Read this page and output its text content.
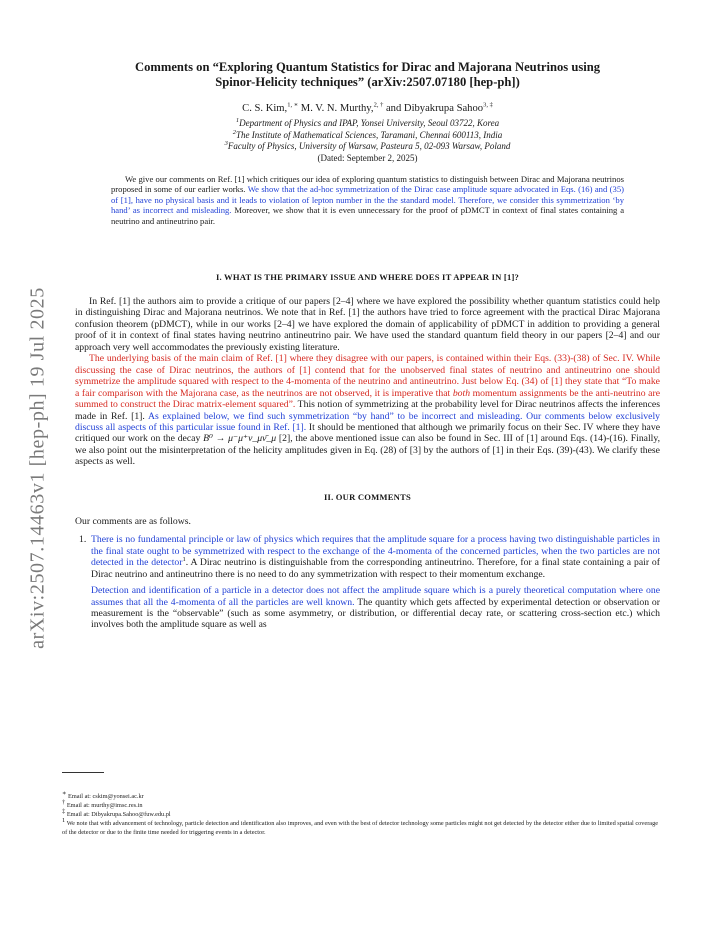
arXiv:2507.14463v1 [hep-ph] 19 Jul 2025
Comments on “Exploring Quantum Statistics for Dirac and Majorana Neutrinos using
Spinor-Helicity techniques” (arXiv:2507.07180 [hep-ph])
C. S. Kim,$^{1, ∗}$ M. V. N. Murthy,$^{2, \dagger}$ and Dibyakrupa Sahoo$^{3, \ddagger}$
$^1$Department of Physics and IPAP, Yonsei University, Seoul 03722, Korea
$^2$The Institute of Mathematical Sciences, Taramani, Chennai 600113, India
$^3$Faculty of Physics, University of Warsaw, Pasteura 5, 02-093 Warsaw, Poland
(Dated: September 2, 2025)
We give our comments on Ref. [1] which critiques our idea of exploring quantum statistics to distinguish between Dirac and Majorana neutrinos proposed in some of our earlier works. We show that the ad-hoc symmetrization of the Dirac case amplitude square advocated in Eqs. (16) and (35) of [1], have no physical basis and it leads to violation of lepton number in the the standard model. Therefore, we consider this symmetrization ‘by hand’ as incorrect and misleading. Moreover, we show that it is even unnecessary for the proof of pDMCT in context of final states containing a neutrino and antineutrino pair.
I. WHAT IS THE PRIMARY ISSUE AND WHERE DOES IT APPEAR IN [1]?

In Ref. [1] the authors aim to provide a critique of our papers [2–4] where we have explored the possibility whether quantum statistics could help in distinguishing Dirac and Majorana neutrinos. We note that in Ref. [1] the authors have tried to force agreement with the practical Dirac Majorana confusion theorem (pDMCT), while in our works [2–4] we have explored the domain of applicability of pDMCT in addition to providing a general proof of it in context of final states having neutrino antineutrino pair. We have used the standard quantum field theory in our papers [2–4] and our approach very well accommodates the previously existing literature.

The underlying basis of the main claim of Ref. [1] where they disagree with our papers, is contained within their Eqs. (33)-(38) of Sec. IV. While discussing the case of Dirac neutrinos, the authors of [1] contend that for the unobserved final states of neutrino and antineutrino one should symmetrize the amplitude squared with respect to the 4-momenta of the neutrino and antineutrino. Just below Eq. (34) of [1] they state that “To make a fair comparison with the Majorana case, as the neutrinos are not observed, it is imperative that both momentum assignments be the anti-neutrino are summed to construct the Dirac matrix-element squared”. This notion of symmetrizing at the probability level for Dirac neutrinos affects the inferences made in Ref. [1]. As explained below, we find such symmetrization “by hand” to be incorrect and misleading. Our comments below exclusively discuss all aspects of this particular issue found in Ref. [1]. It should be mentioned that although we primarily focus on their Sec. IV where they have critiqued our work on the decay B⁰ → μ⁻μ⁺ν_μν̄_μ [2], the above mentioned issue can also be found in Sec. III of [1] around Eqs. (14)-(16). Finally, we also point out the misinterpretation of the helicity amplitudes given in Eq. (28) of [3] by the authors of [1] in their Eqs. (39)-(43). We clarify these aspects as well.

II. OUR COMMENTS
Our comments are as follows.
1. There is no fundamental principle or law of physics which requires that the amplitude square for a process having two distinguishable particles in the final state ought to be symmetrized with respect to the exchange of the 4-momenta of the concerned particles, when the two particles are not detected in the detector$^1$. A Dirac neutrino is distinguishable from the corresponding antineutrino. Therefore, for a final state containing a pair of Dirac neutrino and antineutrino there is no need to do any symmetrization with respect to their momentum exchange.

Detection and identification of a particle in a detector does not affect the amplitude square which is a purely theoretical computation where one assumes that all the 4-momenta of all the particles are well known. The quantity which gets affected by experimental detection or observation or measurement is the “observable” (such as some asymmetry, or distribution, or differential decay rate, or scattering cross-section etc.) which involves both the amplitude square as well as

∗ Email at: cskim@yonsei.ac.kr
† Email at: murthy@imsc.res.in
‡ Email at: Dibyakrupa.Sahoo@fuw.edu.pl
$^1$ We note that with advancement of technology, particle detection and identification also improves, and even with the best of detector technology some particles might not get detected by the detector either due to limited spatial coverage of the detector or due to the finite time needed for triggering events in a detector.
